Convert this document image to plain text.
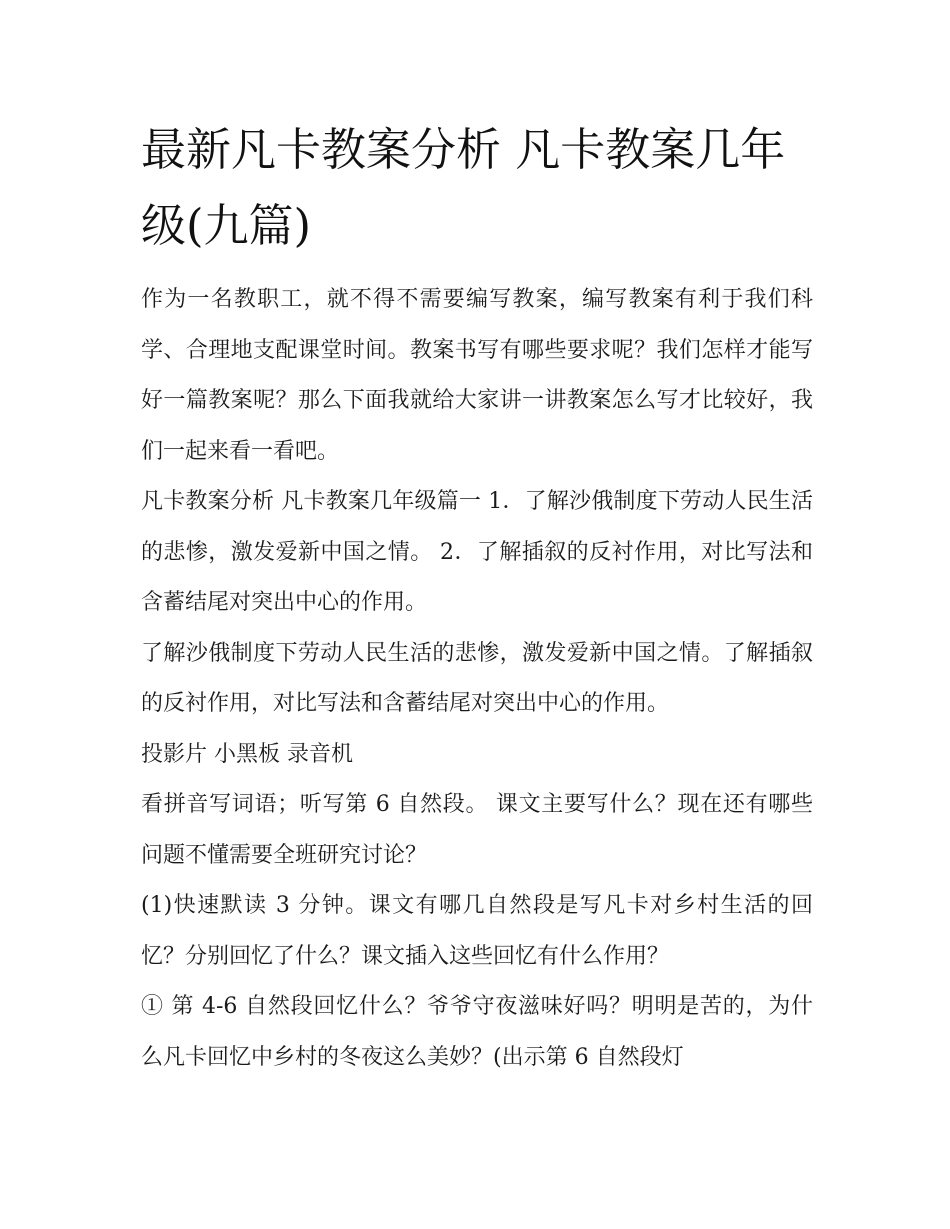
最新凡卡教案分析 凡卡教案几年级(九篇)

作为一名教职工，就不得不需要编写教案，编写教案有利于我们科学、合理地支配课堂时间。教案书写有哪些要求呢？我们怎样才能写好一篇教案呢？那么下面我就给大家讲一讲教案怎么写才比较好，我们一起来看一看吧。

凡卡教案分析 凡卡教案几年级篇一 1．了解沙俄制度下劳动人民生活的悲惨，激发爱新中国之情。 2．了解插叙的反衬作用，对比写法和含蓄结尾对突出中心的作用。

了解沙俄制度下劳动人民生活的悲惨，激发爱新中国之情。了解插叙的反衬作用，对比写法和含蓄结尾对突出中心的作用。

投影片 小黑板 录音机

看拼音写词语；听写第 6 自然段。 课文主要写什么？现在还有哪些问题不懂需要全班研究讨论？

(1)快速默读 3 分钟。课文有哪几自然段是写凡卡对乡村生活的回忆？分别回忆了什么？课文插入这些回忆有什么作用？

① 第 4-6 自然段回忆什么？爷爷守夜滋味好吗？明明是苦的，为什么凡卡回忆中乡村的冬夜这么美妙？(出示第 6 自然段灯
